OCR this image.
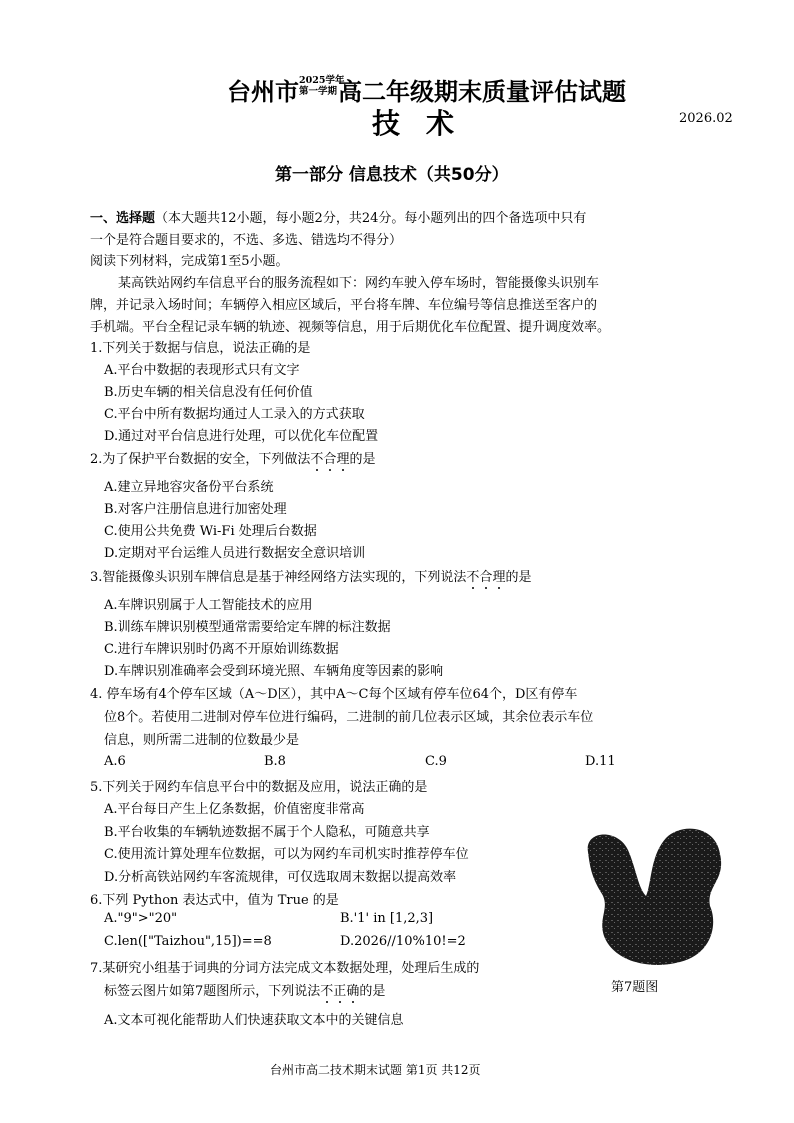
台州市 2025学年
第一学期 高二年级期末质量评估试题
技术	2026.02
第一部分 信息技术（共50分）
一、选择题（本大题共12小题，每小题2分，共24分。每小题列出的四个备选项中只有
一个是符合题目要求的，不选、多选、错选均不得分）
阅读下列材料，完成第1至5小题。
某高铁站网约车信息平台的服务流程如下：网约车驶入停车场时，智能摄像头识别车
牌，并记录入场时间；车辆停入相应区域后，平台将车牌、车位编号等信息推送至客户的
手机端。平台全程记录车辆的轨迹、视频等信息，用于后期优化车位配置、提升调度效率。
1.下列关于数据与信息，说法正确的是
A.平台中数据的表现形式只有文字
B.历史车辆的相关信息没有任何价值
C.平台中所有数据均通过人工录入的方式获取
D.通过对平台信息进行处理，可以优化车位配置
2.为了保护平台数据的安全，下列做法不合理的是
A.建立异地容灾备份平台系统
B.对客户注册信息进行加密处理
C.使用公共免费 Wi-Fi 处理后台数据
D.定期对平台运维人员进行数据安全意识培训
3.智能摄像头识别车牌信息是基于神经网络方法实现的，下列说法不合理的是
A.车牌识别属于人工智能技术的应用
B.训练车牌识别模型通常需要给定车牌的标注数据
C.进行车牌识别时仍离不开原始训练数据
D.车牌识别准确率会受到环境光照、车辆角度等因素的影响
4. 停车场有4个停车区域（A～D区），其中A～C每个区域有停车位64个，D区有停车
位8个。若使用二进制对停车位进行编码，二进制的前几位表示区域，其余位表示车位
信息，则所需二进制的位数最少是
A.6	B.8	C.9	D.11
5.下列关于网约车信息平台中的数据及应用，说法正确的是
A.平台每日产生上亿条数据，价值密度非常高
B.平台收集的车辆轨迹数据不属于个人隐私，可随意共享
C.使用流计算处理车位数据，可以为网约车司机实时推荐停车位
D.分析高铁站网约车客流规律，可仅选取周末数据以提高效率
6.下列 Python 表达式中，值为 True 的是
A."9">"20"	B.'1' in [1,2,3]
C.len(["Taizhou",15])==8	D.2026//10%10!=2
7.某研究小组基于词典的分词方法完成文本数据处理，处理后生成的
标签云图片如第7题图所示，下列说法不正确的是
A.文本可视化能帮助人们快速获取文本中的关键信息
第7题图
台州市高二技术期末试题 第1页 共12页
